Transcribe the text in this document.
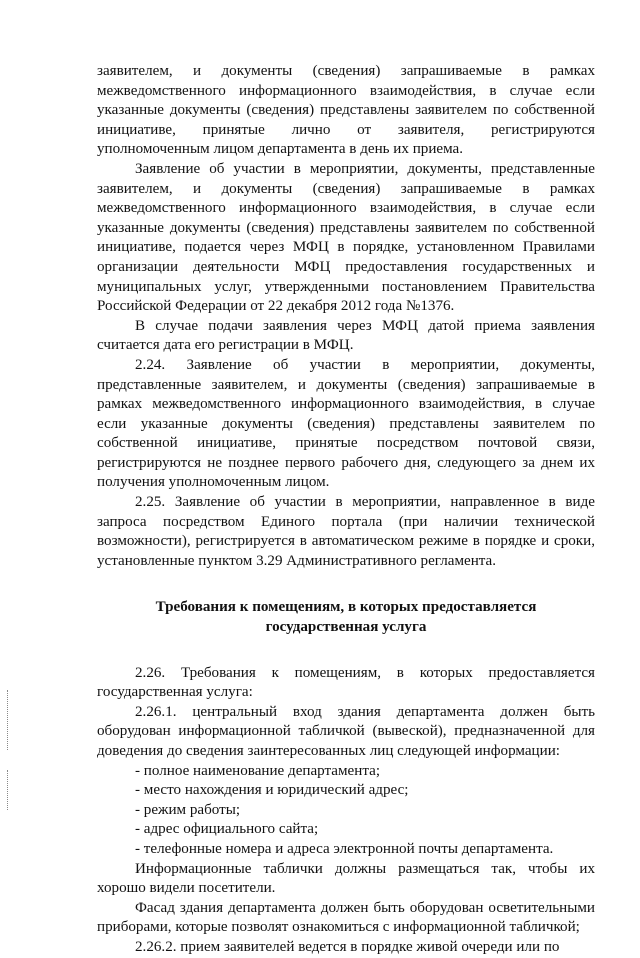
заявителем, и документы (сведения) запрашиваемые в рамках межведомственного информационного взаимодействия, в случае если указанные документы (сведения) представлены заявителем по собственной инициативе, принятые лично от заявителя, регистрируются уполномоченным лицом департамента в день их приема.

Заявление об участии в мероприятии, документы, представленные заявителем, и документы (сведения) запрашиваемые в рамках межведомственного информационного взаимодействия, в случае если указанные документы (сведения) представлены заявителем по собственной инициативе, подается через МФЦ в порядке, установленном Правилами организации деятельности МФЦ предоставления государственных и муниципальных услуг, утвержденными постановлением Правительства Российской Федерации от 22 декабря 2012 года №1376.

В случае подачи заявления через МФЦ датой приема заявления считается дата его регистрации в МФЦ.

2.24. Заявление об участии в мероприятии, документы, представленные заявителем, и документы (сведения) запрашиваемые в рамках межведомственного информационного взаимодействия, в случае если указанные документы (сведения) представлены заявителем по собственной инициативе, принятые посредством почтовой связи, регистрируются не позднее первого рабочего дня, следующего за днем их получения уполномоченным лицом.

2.25. Заявление об участии в мероприятии, направленное в виде запроса посредством Единого портала (при наличии технической возможности), регистрируется в автоматическом режиме в порядке и сроки, установленные пунктом 3.29 Административного регламента.

Требования к помещениям, в которых предоставляется государственная услуга

2.26. Требования к помещениям, в которых предоставляется государственная услуга:

2.26.1. центральный вход здания департамента должен быть оборудован информационной табличкой (вывеской), предназначенной для доведения до сведения заинтересованных лиц следующей информации:

- полное наименование департамента;

- место нахождения и юридический адрес;

- режим работы;

- адрес официального сайта;

- телефонные номера и адреса электронной почты департамента.

Информационные таблички должны размещаться так, чтобы их хорошо видели посетители.

Фасад здания департамента должен быть оборудован осветительными приборами, которые позволят ознакомиться с информационной табличкой;

2.26.2. прием заявителей ведется в порядке живой очереди или по
